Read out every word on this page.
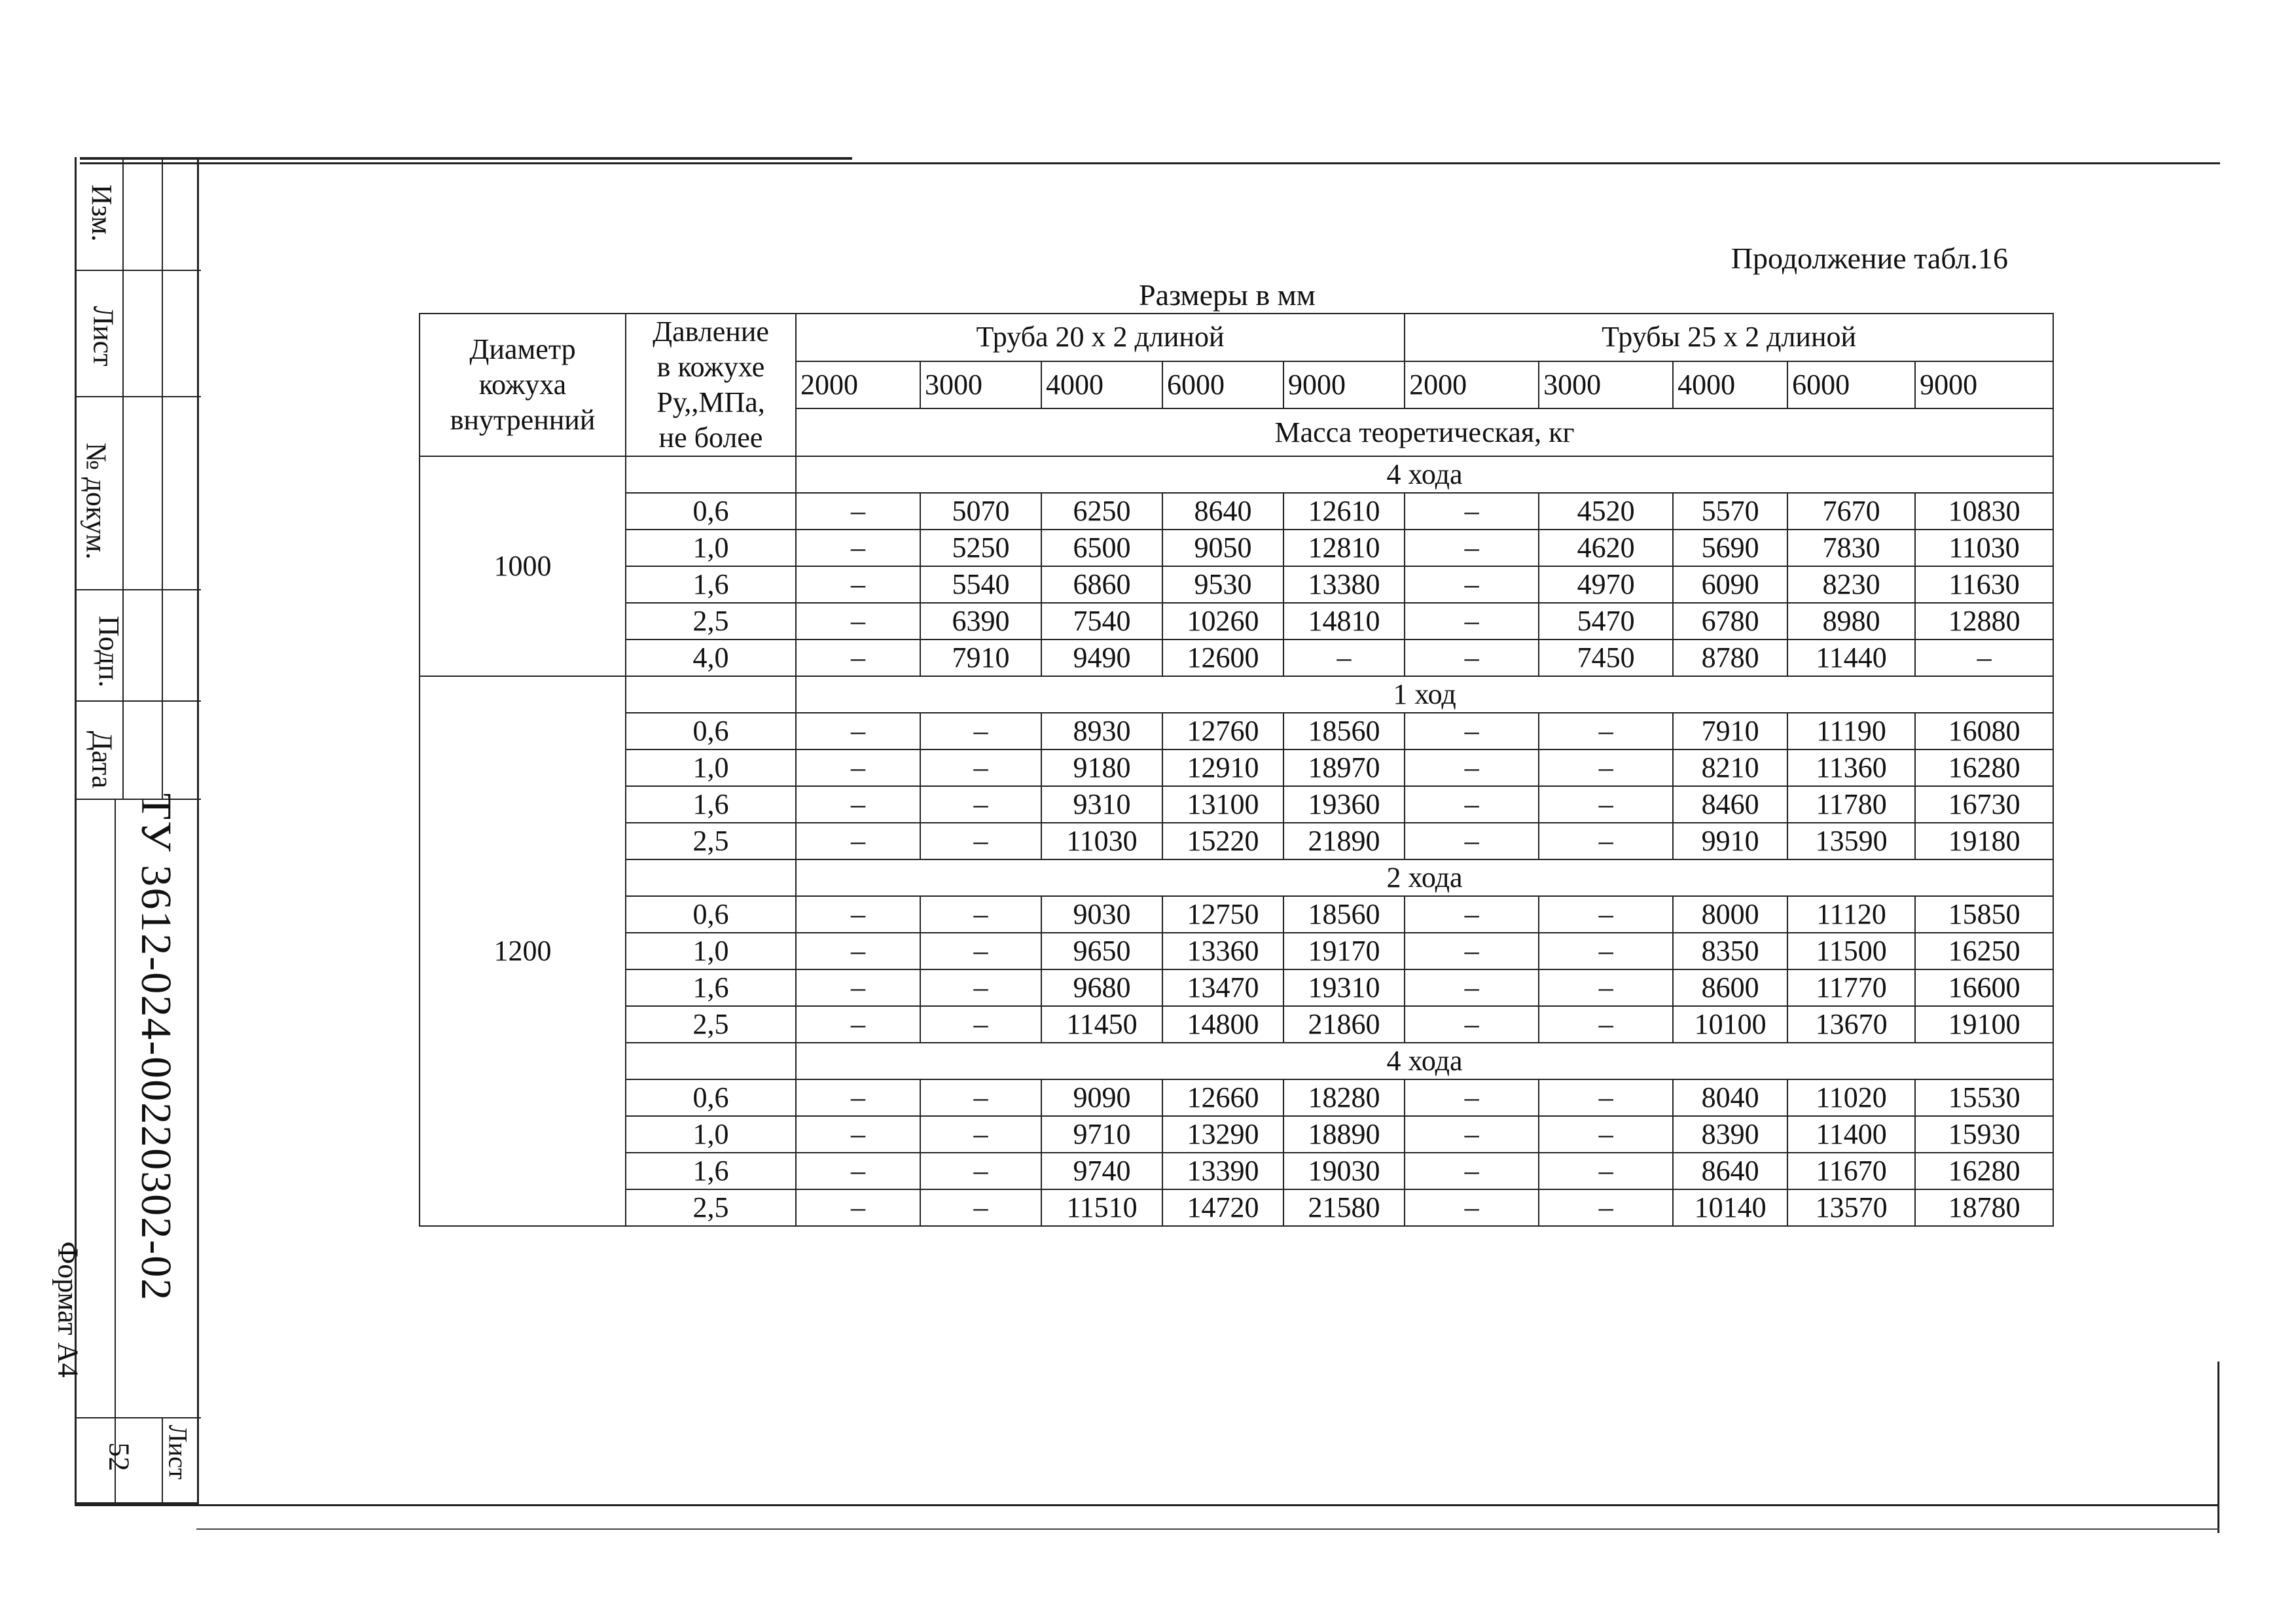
Изм.
Лист
№ докум.
Подп.
Дата
ТУ 3612-024-00220302-02
Лист
52
Формат А4
Продолжение табл.16
Размеры в мм
Диаметр
кожуха
внутренний	Давление
в кожухе
Ру,,МПа,
не более	Труба 20 х 2 длиной					Трубы 25 х 2 длиной				
		2000	3000	4000	6000	9000	2000	3000	4000	6000	9000
		Масса теоретическая, кг									
1000		4 хода									
	0,6	–	5070	6250	8640	12610	–	4520	5570	7670	10830
	1,0	–	5250	6500	9050	12810	–	4620	5690	7830	11030
	1,6	–	5540	6860	9530	13380	–	4970	6090	8230	11630
	2,5	–	6390	7540	10260	14810	–	5470	6780	8980	12880
	4,0	–	7910	9490	12600	–	–	7450	8780	11440	–
1200		1 ход									
	0,6	–	–	8930	12760	18560	–	–	7910	11190	16080
	1,0	–	–	9180	12910	18970	–	–	8210	11360	16280
	1,6	–	–	9310	13100	19360	–	–	8460	11780	16730
	2,5	–	–	11030	15220	21890	–	–	9910	13590	19180
		2 хода									
	0,6	–	–	9030	12750	18560	–	–	8000	11120	15850
	1,0	–	–	9650	13360	19170	–	–	8350	11500	16250
	1,6	–	–	9680	13470	19310	–	–	8600	11770	16600
	2,5	–	–	11450	14800	21860	–	–	10100	13670	19100
		4 хода									
	0,6	–	–	9090	12660	18280	–	–	8040	11020	15530
	1,0	–	–	9710	13290	18890	–	–	8390	11400	15930
	1,6	–	–	9740	13390	19030	–	–	8640	11670	16280
	2,5	–	–	11510	14720	21580	–	–	10140	13570	18780
